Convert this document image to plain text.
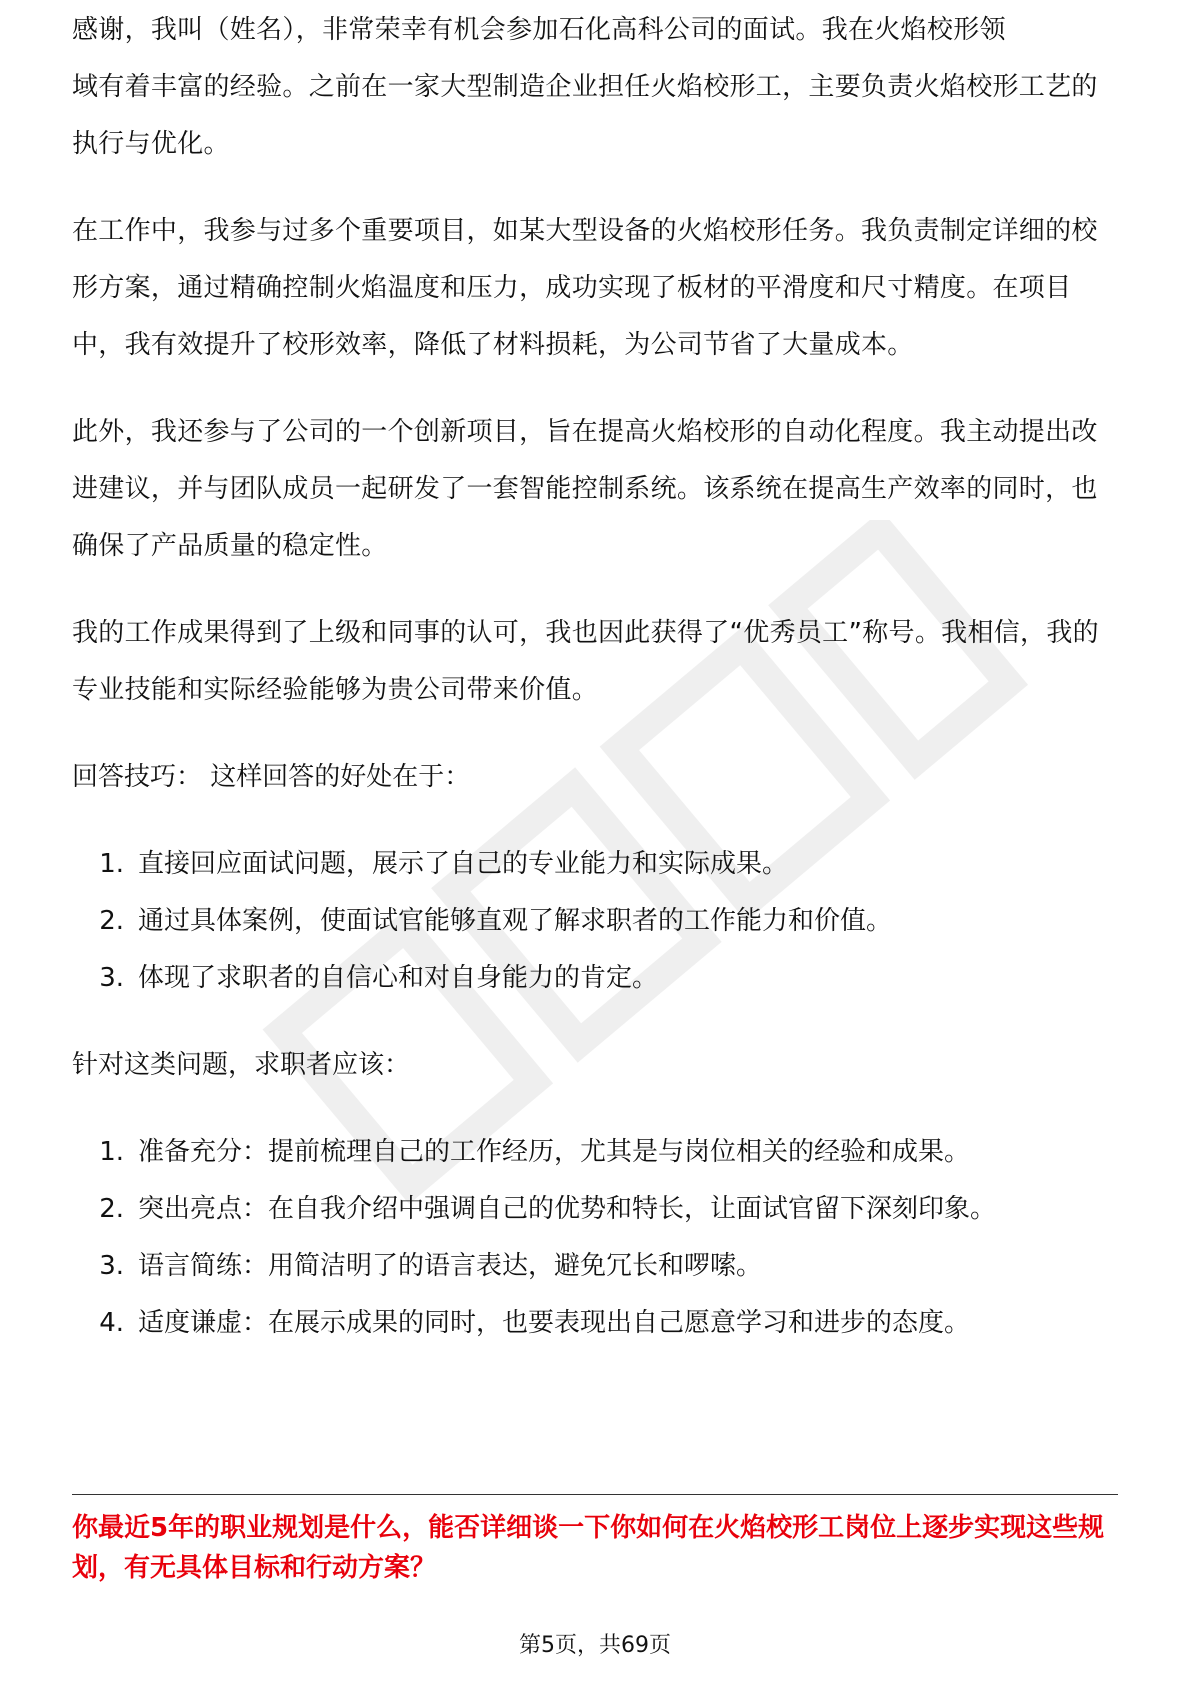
感谢，我叫（姓名），非常荣幸有机会参加石化高科公司的面试。我在火焰校形领

域有着丰富的经验。之前在一家大型制造企业担任火焰校形工，主要负责火焰校形工艺的执行与优化。

在工作中，我参与过多个重要项目，如某大型设备的火焰校形任务。我负责制定详细的校形方案，通过精确控制火焰温度和压力，成功实现了板材的平滑度和尺寸精度。在项目中，我有效提升了校形效率，降低了材料损耗，为公司节省了大量成本。

此外，我还参与了公司的一个创新项目，旨在提高火焰校形的自动化程度。我主动提出改进建议，并与团队成员一起研发了一套智能控制系统。该系统在提高生产效率的同时，也确保了产品质量的稳定性。

我的工作成果得到了上级和同事的认可，我也因此获得了“优秀员工”称号。我相信，我的专业技能和实际经验能够为贵公司带来价值。

回答技巧： 这样回答的好处在于：

1. 直接回应面试问题，展示了自己的专业能力和实际成果。
2. 通过具体案例，使面试官能够直观了解求职者的工作能力和价值。
3. 体现了求职者的自信心和对自身能力的肯定。

针对这类问题，求职者应该：

1. 准备充分：提前梳理自己的工作经历，尤其是与岗位相关的经验和成果。
2. 突出亮点：在自我介绍中强调自己的优势和特长，让面试官留下深刻印象。
3. 语言简练：用简洁明了的语言表达，避免冗长和啰嗦。
4. 适度谦虚：在展示成果的同时，也要表现出自己愿意学习和进步的态度。
你最近5年的职业规划是什么，能否详细谈一下你如何在火焰校形工岗位上逐步实现这些规划，有无具体目标和行动方案？
第5页，共69页
